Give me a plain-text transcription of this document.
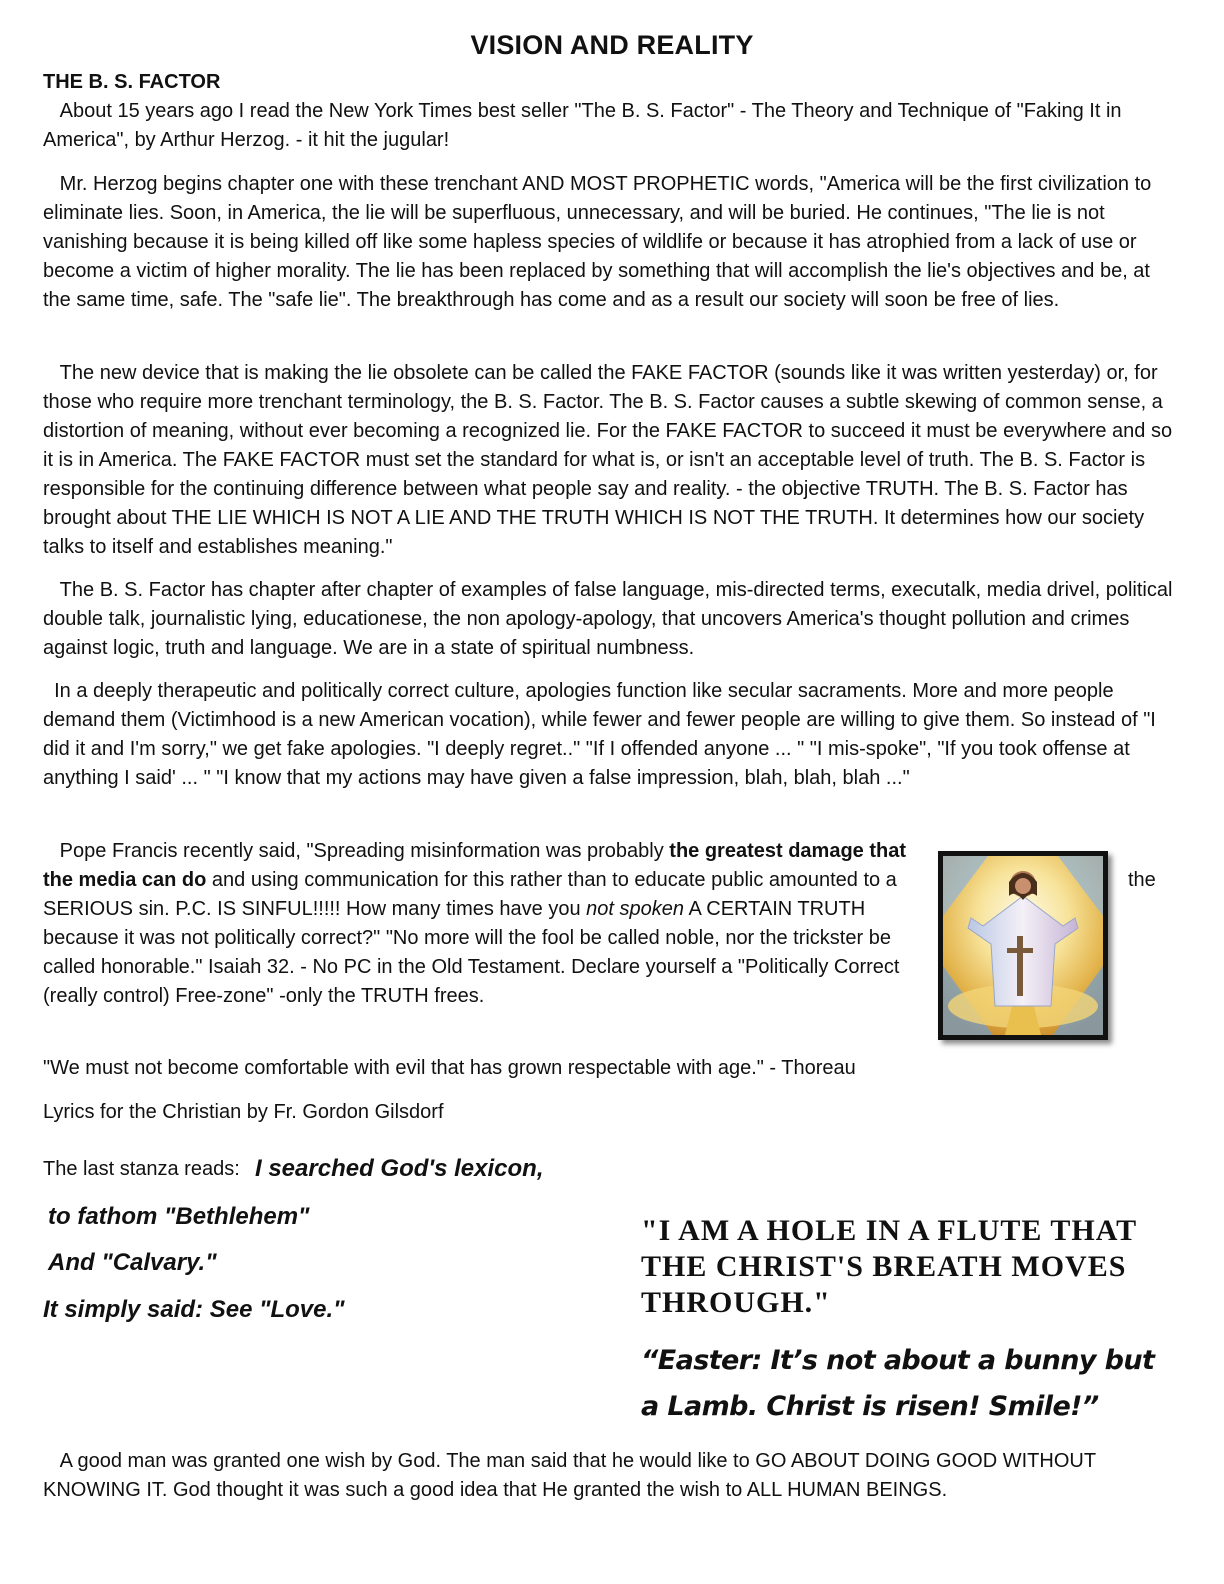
VISION AND REALITY
THE B. S. FACTOR

About 15 years ago I read the New York Times best seller "The B. S. Factor" - The Theory and Technique of "Faking It in America", by Arthur Herzog. - it hit the jugular!

Mr. Herzog begins chapter one with these trenchant AND MOST PROPHETIC words, "America will be the first civilization to eliminate lies. Soon, in America, the lie will be superfluous, unnecessary, and will be buried. He continues, "The lie is not vanishing because it is being killed off like some hapless species of wildlife or because it has atrophied from a lack of use or become a victim of higher morality. The lie has been replaced by something that will accomplish the lie's objectives and be, at the same time, safe. The "safe lie". The breakthrough has come and as a result our society will soon be free of lies.

The new device that is making the lie obsolete can be called the FAKE FACTOR (sounds like it was written yesterday) or, for those who require more trenchant terminology, the B. S. Factor. The B. S. Factor causes a subtle skewing of common sense, a distortion of meaning, without ever becoming a recognized lie. For the FAKE FACTOR to succeed it must be everywhere and so it is in America. The FAKE FACTOR must set the standard for what is, or isn't an acceptable level of truth. The B. S. Factor is responsible for the continuing difference between what people say and reality. - the objective TRUTH. The B. S. Factor has brought about THE LIE WHICH IS NOT A LIE AND THE TRUTH WHICH IS NOT THE TRUTH. It determines how our society talks to itself and establishes meaning."

The B. S. Factor has chapter after chapter of examples of false language, mis-directed terms, executalk, media drivel, political double talk, journalistic lying, educationese, the non apology-apology, that uncovers America's thought pollution and crimes against logic, truth and language. We are in a state of spiritual numbness.

In a deeply therapeutic and politically correct culture, apologies function like secular sacraments. More and more people demand them (Victimhood is a new American vocation), while fewer and fewer people are willing to give them. So instead of "I did it and I'm sorry," we get fake apologies. "I deeply regret.." "If I offended anyone ... " "I mis-spoke", "If you took offense at anything I said' ... " "I know that my actions may have given a false impression, blah, blah, blah ..."

Pope Francis recently said, "Spreading misinformation was probably the greatest damage that the media can do and using communication for this rather than to educate public amounted to a SERIOUS sin. P.C. IS SINFUL!!!!! How many times have you not spoken A CERTAIN TRUTH because it was not politically correct?" "No more will the fool be called noble, nor the trickster be called honorable." Isaiah 32. - No PC in the Old Testament. Declare yourself a "Politically Correct (really control) Free-zone" -only the TRUTH frees.

the

"We must not become comfortable with evil that has grown respectable with age." - Thoreau

Lyrics for the Christian by Fr. Gordon Gilsdorf

The last stanza reads: I searched God's lexicon,
to fathom "Bethlehem"
And "Calvary."
It simply said: See "Love."
"I AM A HOLE IN A FLUTE THAT THE CHRIST'S BREATH MOVES THROUGH."
“Easter: It’s not about a bunny but a Lamb. Christ is risen! Smile!”

A good man was granted one wish by God. The man said that he would like to GO ABOUT DOING GOOD WITHOUT KNOWING IT. God thought it was such a good idea that He granted the wish to ALL HUMAN BEINGS.
